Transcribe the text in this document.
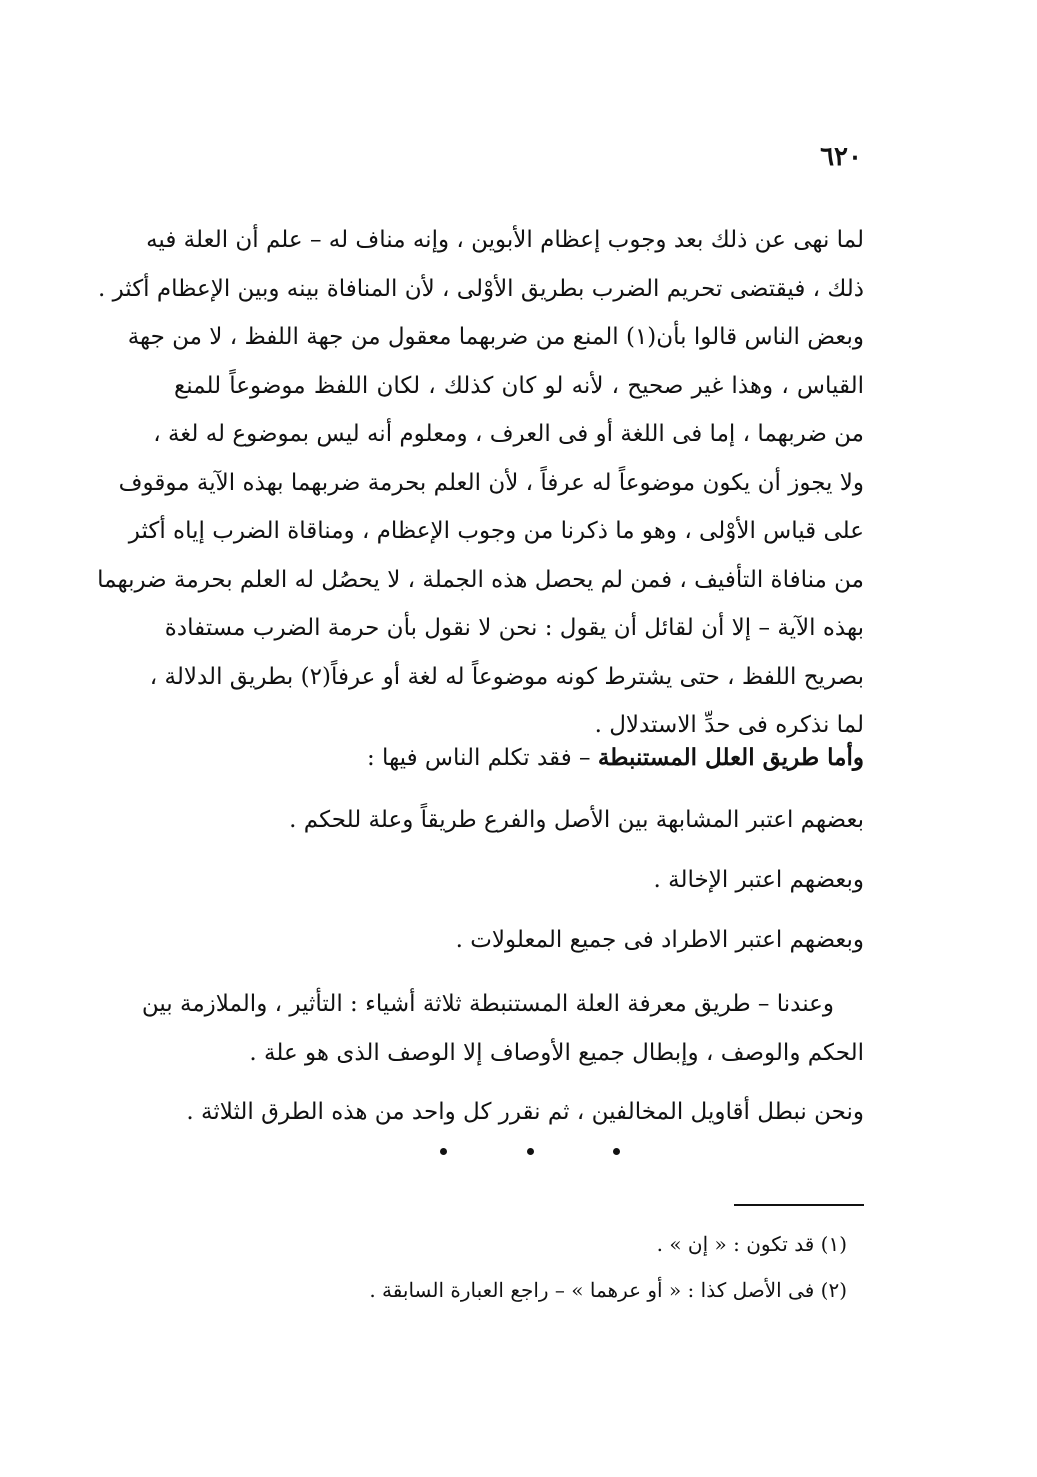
٦٢٠
لما نهى عن ذلك بعد وجوب إعظام الأبوين ، وإنه مناف له – علم أن العلة فيه
ذلك ، فيقتضى تحريم الضرب بطريق الأوْلى ، لأن المنافاة بينه وبين الإعظام أكثر .
وبعض الناس قالوا بأن(١) المنع من ضربهما معقول من جهة اللفظ ، لا من جهة
القياس ، وهذا غير صحيح ، لأنه لو كان كذلك ، لكان اللفظ موضوعاً للمنع
من ضربهما ، إما فى اللغة أو فى العرف ، ومعلوم أنه ليس بموضوع له لغة ،
ولا يجوز أن يكون موضوعاً له عرفاً ، لأن العلم بحرمة ضربهما بهذه الآية موقوف
على قياس الأوْلى ، وهو ما ذكرنا من وجوب الإعظام ، ومناقاة الضرب إياه أكثر
من منافاة التأفيف ، فمن لم يحصل هذه الجملة ، لا يحصُل له العلم بحرمة ضربهما
بهذه الآية – إلا أن لقائل أن يقول : نحن لا نقول بأن حرمة الضرب مستفادة
بصريح اللفظ ، حتى يشترط كونه موضوعاً له لغة أو عرفاً(٢) بطريق الدلالة ،
لما نذكره فى حدِّ الاستدلال .
وأما طريق العلل المستنبطة – فقد تكلم الناس فيها :
بعضهم اعتبر المشابهة بين الأصل والفرع طريقاً وعلة للحكم .
وبعضهم اعتبر الإخالة .
وبعضهم اعتبر الاطراد فى جميع المعلولات .
وعندنا – طريق معرفة العلة المستنبطة ثلاثة أشياء : التأثير ، والملازمة بين
الحكم والوصف ، وإبطال جميع الأوصاف إلا الوصف الذى هو علة .
ونحن نبطل أقاويل المخالفين ، ثم نقرر كل واحد من هذه الطرق الثلاثة .
(١) قد تكون : « إن » .
(٢) فى الأصل كذا : « أو عرهما » – راجع العبارة السابقة .
